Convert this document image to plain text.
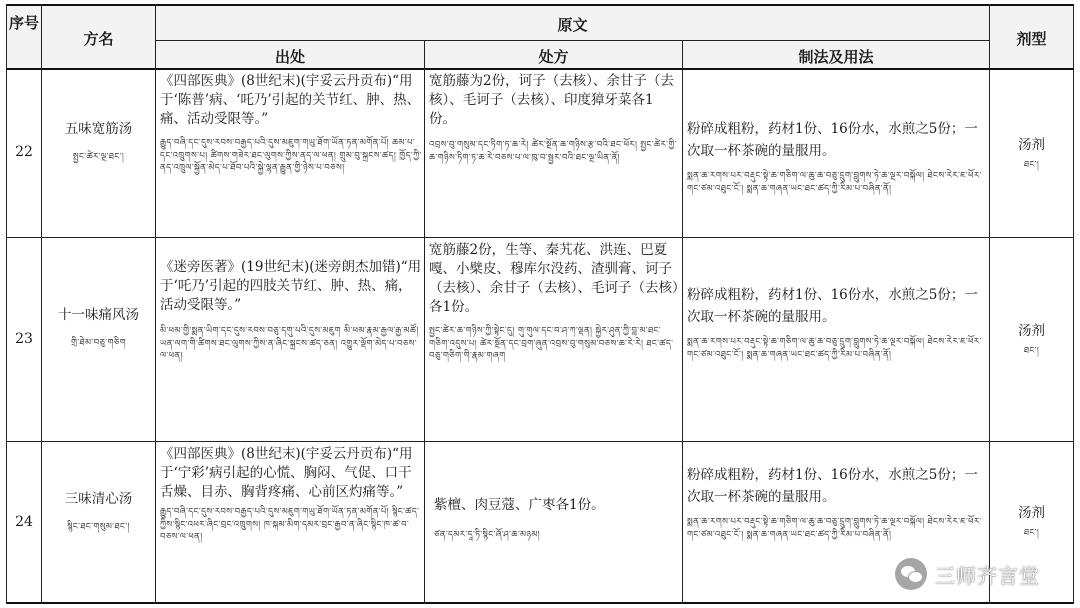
序号
方名
原文
出处	处方	制法及用法
剂型
22
五味宽筋汤
སྤྱང་ཚེར་ལྔ་ཐང་།
《四部医典》(8世纪末)(宇妥云丹贡布)“用于‘陈普’病、‘吒乃’引起的关节红、肿、热、痛、活动受限等。”
རྒྱུད་བཞི་དང་དུས་རབས་བརྒྱད་པའི་དུས་མཇུག་གཡུ་ཐོག་ཡོན་ཏན་མགོན་པོ། ཆམ་པ་དང་འཁྲུགས་པ། ཚིགས་གཟེར་ཐང་ལུགས་ཀྱིས་ནད་ལ་ཕན། གྲུམ་བུ་སྐྲངས་ཚད། ཁྱོད་ཀྱི་ནད་འཁྲུལ་སྐྱོན་མེད་པ་ཐོབ་པའི་སྐྱེ་ལྷན་རྒྱུན་གྱི་ཉེས་པ་བཅས།
宽筋藤为2份，诃子（去核）、余甘子（去核）、毛诃子（去核）、印度獐牙菜各1份。
འབྲས་བུ་གསུམ་དང་ཏིག་ཏ་ཆ་རེ། ཚེར་སྔོན་ཆ་གཉིས་རྩ་བའི་ཐང་ཕོར། སྤྱང་ཚེར་གྱི་ཆ་གཉིས་ཏིག་ཏ་ཆ་རེ་བཅས་པ་ལ་ཁུ་བ་སྦྱར་བའི་ཐང་ལྔ་ཡིན་ནོ།
粉碎成粗粉，药材1份、16份水，水煎之5份；一次取一杯茶碗的量服用。
སྨན་ཆ་རགས་པར་བརྡུང་སྟེ་ཆ་གཅིག་ལ་ཆུ་ཆ་བཅུ་དྲུག་བླུགས་ཏེ་ཆ་ལྔར་བསྐོལ། ཐེངས་རེར་ཇ་ཕོར་གང་ཙམ་འཐུང་ངོ་། སྨན་ཆ་གཞན་ཡང་ཐང་ཚད་ཀྱི་རིམ་པ་བཞིན་ནོ།
汤剂
ཐང་།
23
十一味痛风汤
གྲི་ཐེམ་བཅུ་གཅིག
《迷旁医著》(19世纪末)(迷旁朗杰加错)“用于‘吒乃’引起的四肢关节红、肿、热、痛，活动受限等。”
མི་ཕམ་གྱི་སྨན་ཡིག་དང་དུས་རབས་བཅུ་དགུ་པའི་དུས་མཇུག མི་ཕམ་རྣམ་རྒྱལ་རྒྱ་མཚོ། ཡན་ལག་གི་ཚིགས་ཐང་ལུགས་ཀྱིས་ན་ཞིང་སྐྲངས་ཚད་ཅན། འགྱུར་ལྡོག་མེད་པ་བཅས་ལ་ཕན།
宽筋藤2份，生等、秦艽花、洪连、巴夏嘎、小檗皮、穆库尔没药、渣驯膏、诃子（去核）、余甘子（去核）、毛诃子（去核）各1份。
སྤྱང་ཚེར་ཆ་གཉིས་ཀྱི་སྟེང་དུ། གུ་གུལ་དང་བ་ཤ་ཀ་ལྡན། སྐྱེར་ཤུན་ཀྱི་བླ་མ་ཐང་གཅིག་འདུས་པ། ཚེར་སྔོན་དང་བྲག་ཞུན་འབྲས་བུ་གསུམ་བཅས་ཆ་རེ་རེ། ཐང་ཚད་བཅུ་གཅིག་གི་རྣམ་གཞག
粉碎成粗粉，药材1份、16份水，水煎之5份；一次取一杯茶碗的量服用。
སྨན་ཆ་རགས་པར་བརྡུང་སྟེ་ཆ་གཅིག་ལ་ཆུ་ཆ་བཅུ་དྲུག་བླུགས་ཏེ་ཆ་ལྔར་བསྐོལ། ཐེངས་རེར་ཇ་ཕོར་གང་ཙམ་འཐུང་ངོ་། སྨན་ཆ་གཞན་ཡང་ཐང་ཚད་ཀྱི་རིམ་པ་བཞིན་ནོ།
汤剂
ཐང་།
24
三味清心汤
སྙིང་ཐང་གསུམ་ཐང་།
《四部医典》(8世纪末)(宇妥云丹贡布)“用于‘宁彩’病引起的心慌、胸闷、气促、口干舌燥、目赤、胸背疼痛、心前区灼痛等。”
རྒྱུད་བཞི་དང་དུས་རབས་བརྒྱད་པའི་དུས་མཇུག་གཡུ་ཐོག་ཡོན་ཏན་མགོན་པོ། སྙིང་ཚད་ཀྱིས་སྙིང་འཕར་ཞིང་བྲང་འཁྲུགས། ཁ་སྐམ་མིག་དམར་བྲང་རྒྱབ་ན་ཞིང་སྙིང་ཁ་ཚ་བ་བཅས་ལ་ཕན།
紫檀、肉豆蔻、广枣各1份。
ཙན་དམར་དཱ་ཏི་སྙིང་ཞོ་ཤ་ཆ་མཉམ།
粉碎成粗粉，药材1份、16份水，水煎之5份；一次取一杯茶碗的量服用。
སྨན་ཆ་རགས་པར་བརྡུང་སྟེ་ཆ་གཅིག་ལ་ཆུ་ཆ་བཅུ་དྲུག་བླུགས་ཏེ་ཆ་ལྔར་བསྐོལ། ཐེངས་རེར་ཇ་ཕོར་གང་ཙམ་འཐུང་ངོ་། སྨན་ཆ་གཞན་ཡང་ཐང་ཚད་ཀྱི་རིམ་པ་བཞིན་ནོ།
汤剂
ཐང་།
三师齐言堂
